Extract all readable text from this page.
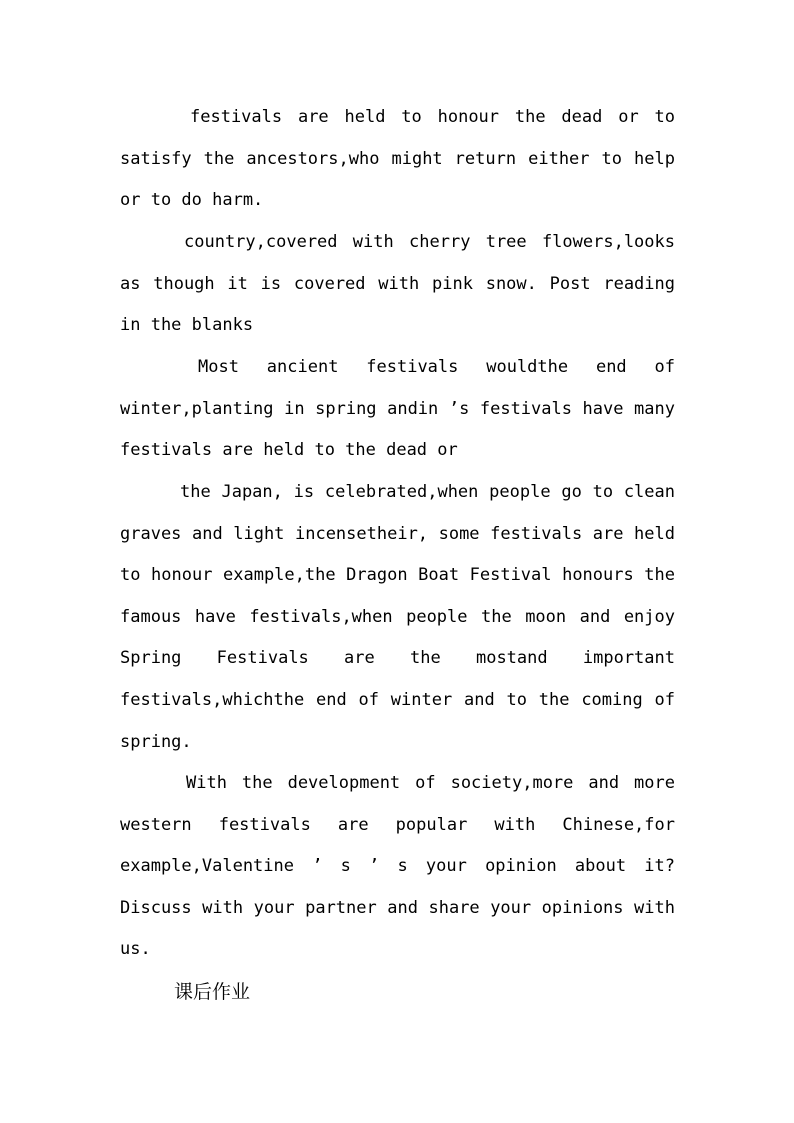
festivals are held to honour the dead or to satisfy the ancestors,who might return either to help or to do harm.

country,covered with cherry tree flowers,looks as though it is covered with pink snow. Post reading in the blanks

Most ancient festivals wouldthe end of winter,planting in spring andin ’s festivals have many festivals are held to the dead or

the Japan, is celebrated,when people go to clean graves and light incensetheir, some festivals are held to honour example,the Dragon Boat Festival honours the famous have festivals,when people the moon and enjoy Spring Festivals are the mostand important festivals,whichthe end of winter and to the coming of spring.

With the development of society,more and more western festivals are popular with Chinese,for example,Valentine ’ s ’ s your opinion about it?Discuss with your partner and share your opinions with us.

课后作业
